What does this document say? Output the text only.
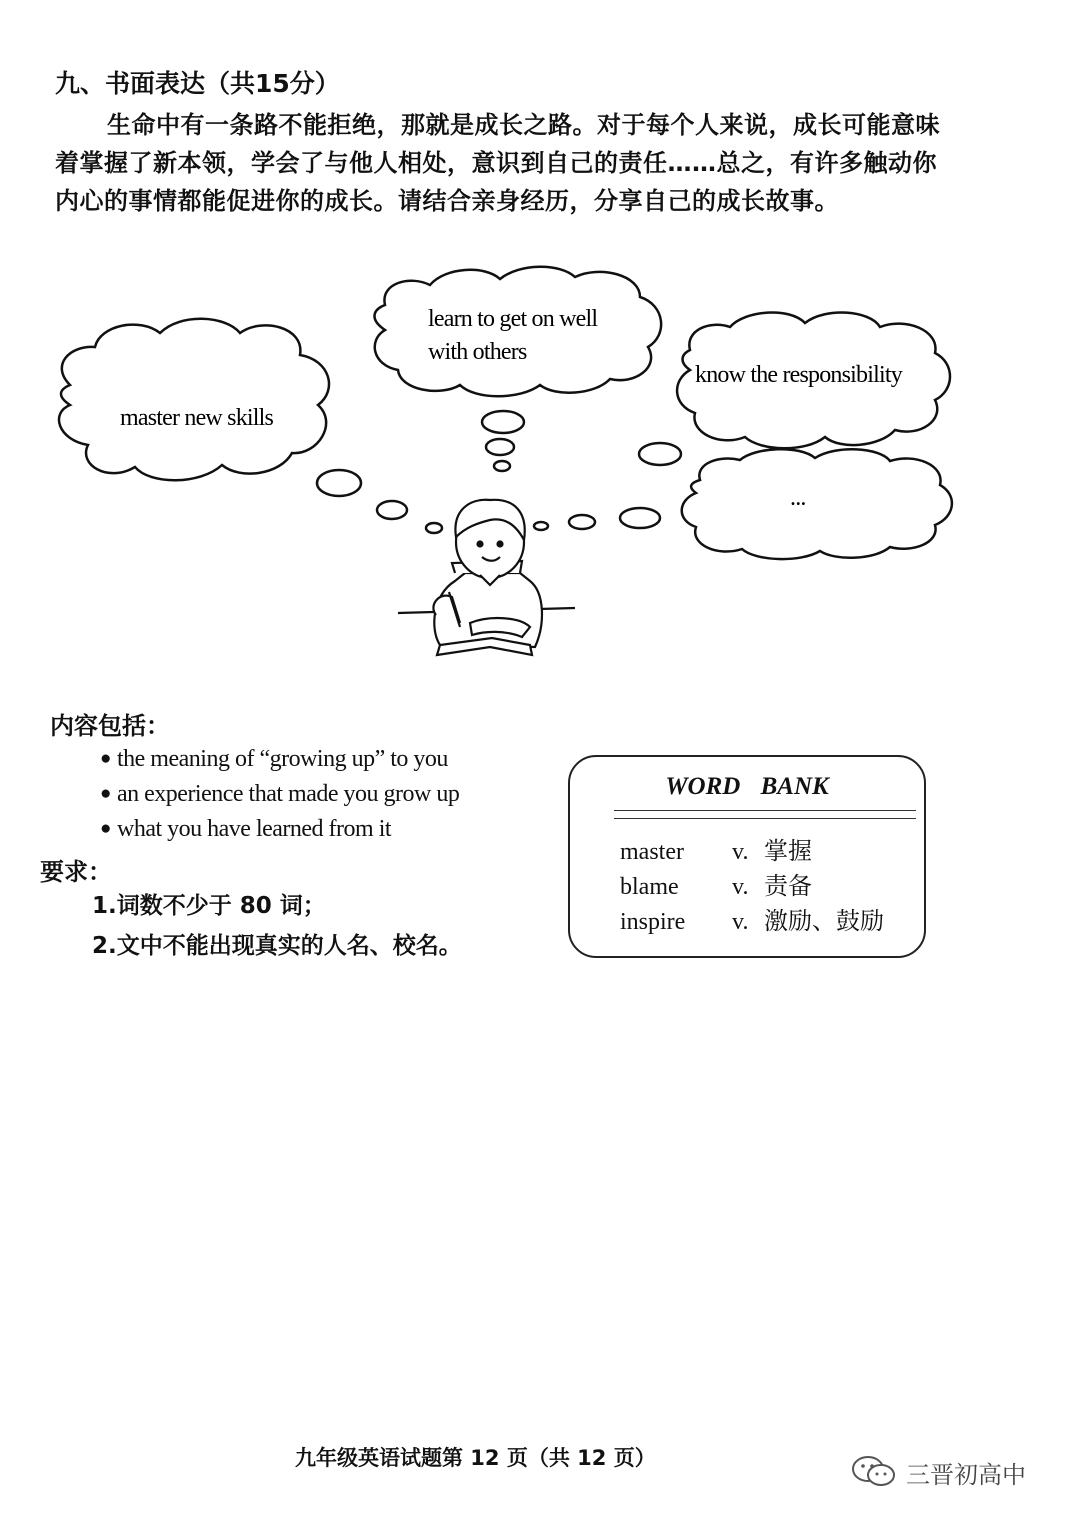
九、书面表达（共15分）
生命中有一条路不能拒绝，那就是成长之路。对于每个人来说，成长可能意味着掌握了新本领，学会了与他人相处，意识到自己的责任……总之，有许多触动你内心的事情都能促进你的成长。请结合亲身经历，分享自己的成长故事。
master new skills
learn to get on well
with others
know the responsibility
...
内容包括：
● the meaning of “growing up” to you
● an experience that made you grow up
● what you have learned from it
要求：
1.词数不少于 80 词；
2.文中不能出现真实的人名、校名。
WORD BANK
master v. 掌握
blame v. 责备
inspire v. 激励、鼓励
九年级英语试题第 12 页（共 12 页）
三晋初高中
